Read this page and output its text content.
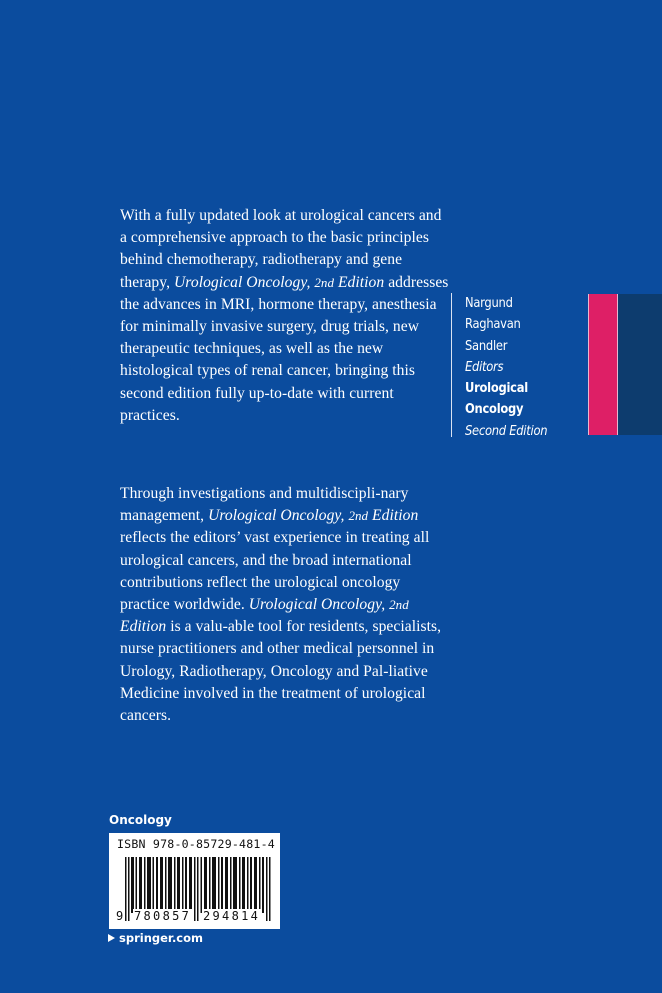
With a fully updated look at urological cancers and a comprehensive approach to the basic principles behind chemotherapy, radiotherapy and gene therapy, Urological Oncology, 2nd Edition addresses the advances in MRI, hormone therapy, anesthesia for minimally invasive surgery, drug trials, new therapeutic techniques, as well as the new histological types of renal cancer, bringing this second edition fully up-to-date with current practices.

Nargund
Raghavan
Sandler
Editors
Urological
Oncology
Second Edition

Through investigations and multidiscipli-nary management, Urological Oncology, 2nd Edition reflects the editors’ vast experience in treating all urological cancers, and the broad international contributions reflect the urological oncology practice worldwide. Urological Oncology, 2nd Edition is a valu-able tool for residents, specialists, nurse practitioners and other medical personnel in Urology, Radiotherapy, Oncology and Pal-liative Medicine involved in the treatment of urological cancers.

Oncology
ISBN 978-0-85729-481-4
9 780857 294814
springer.com
